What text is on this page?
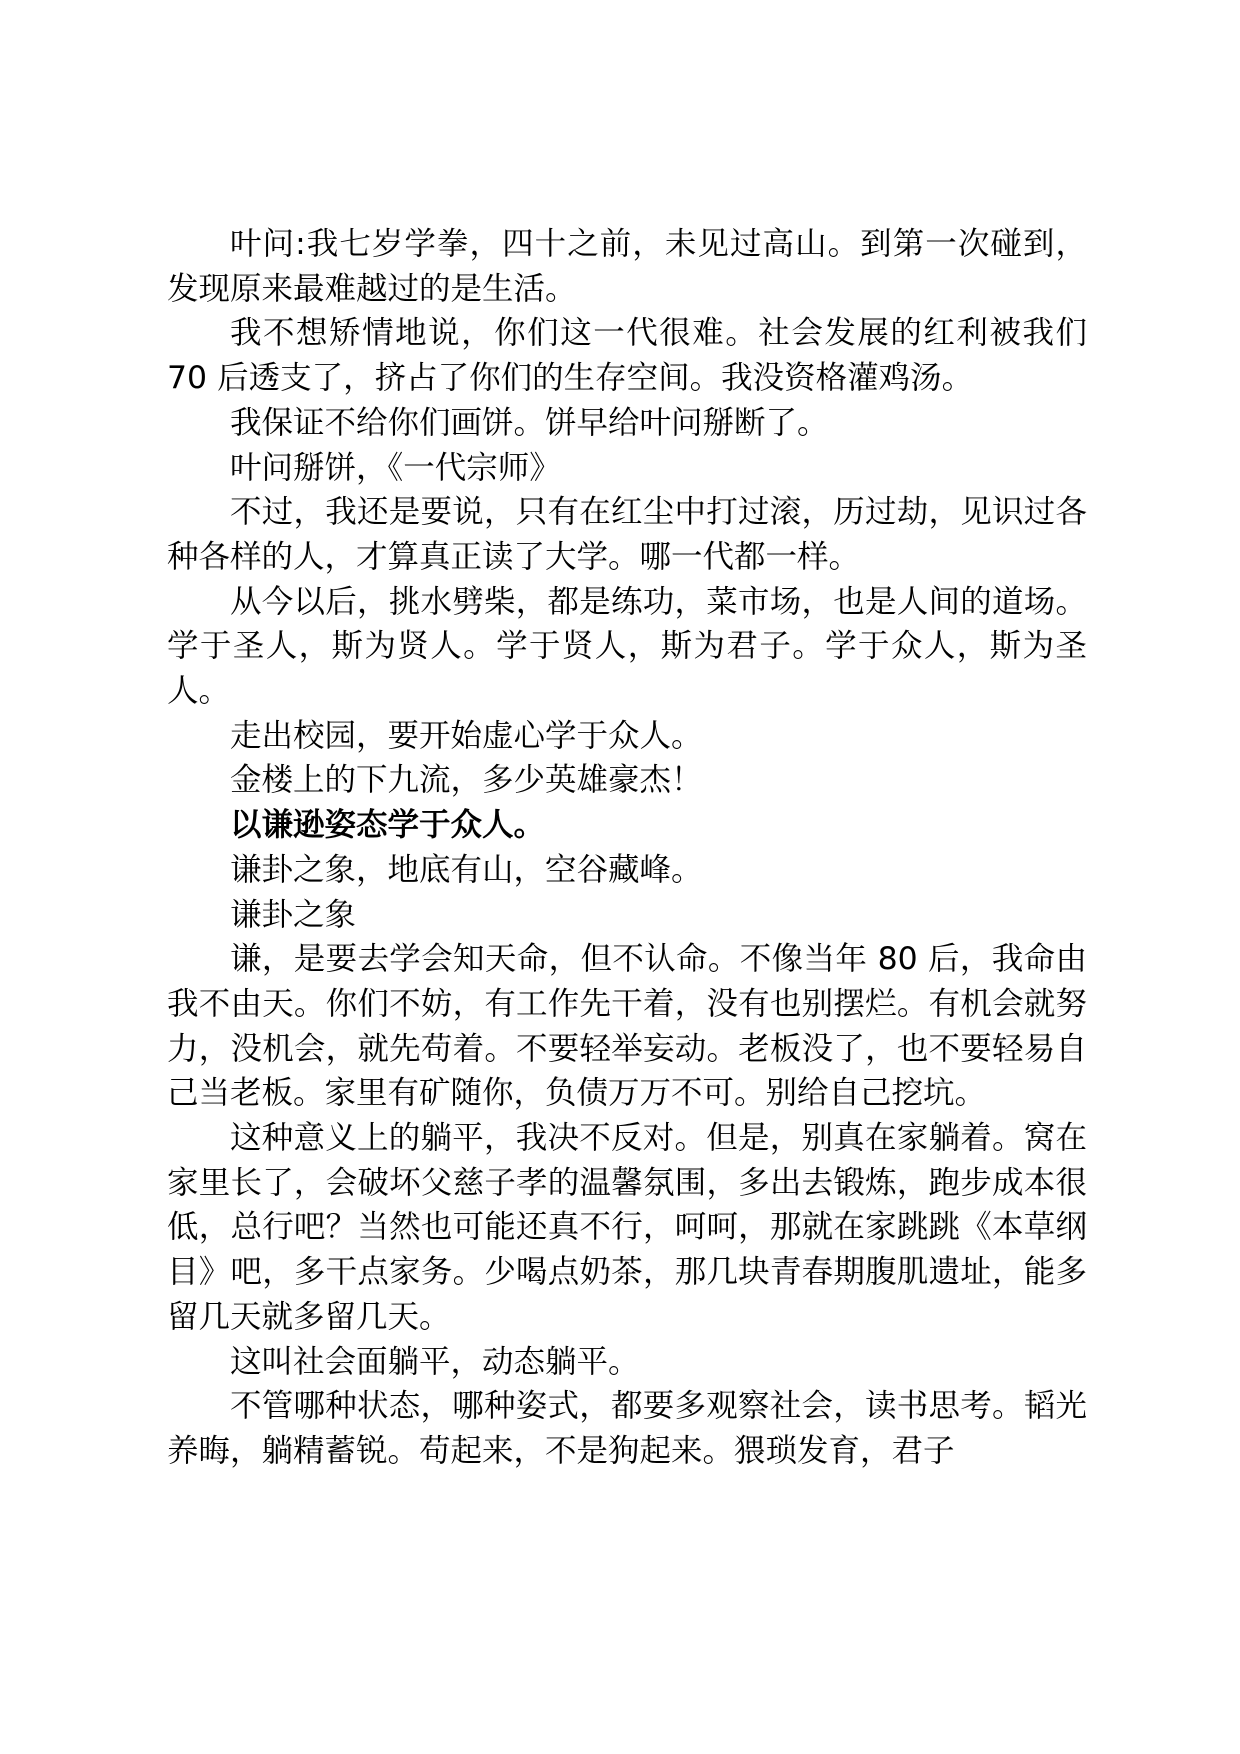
叶问:我七岁学拳，四十之前，未见过高山。到第一次碰到，发现原来最难越过的是生活。

我不想矫情地说，你们这一代很难。社会发展的红利被我们 70 后透支了，挤占了你们的生存空间。我没资格灌鸡汤。

我保证不给你们画饼。饼早给叶问掰断了。

叶问掰饼，《一代宗师》

不过，我还是要说，只有在红尘中打过滚，历过劫，见识过各种各样的人，才算真正读了大学。哪一代都一样。

从今以后，挑水劈柴，都是练功，菜市场，也是人间的道场。学于圣人，斯为贤人。学于贤人，斯为君子。学于众人，斯为圣人。

走出校园，要开始虚心学于众人。

金楼上的下九流，多少英雄豪杰！

以谦逊姿态学于众人。

谦卦之象，地底有山，空谷藏峰。

谦卦之象

谦，是要去学会知天命，但不认命。不像当年 80 后，我命由我不由天。你们不妨，有工作先干着，没有也别摆烂。有机会就努力，没机会，就先苟着。不要轻举妄动。老板没了，也不要轻易自己当老板。家里有矿随你，负债万万不可。别给自己挖坑。

这种意义上的躺平，我决不反对。但是，别真在家躺着。窝在家里长了，会破坏父慈子孝的温馨氛围，多出去锻炼，跑步成本很低，总行吧？当然也可能还真不行，呵呵，那就在家跳跳《本草纲目》吧，多干点家务。少喝点奶茶，那几块青春期腹肌遗址，能多留几天就多留几天。

这叫社会面躺平，动态躺平。

不管哪种状态，哪种姿式，都要多观察社会，读书思考。韬光养晦，躺精蓄锐。苟起来，不是狗起来。猥琐发育，君子
